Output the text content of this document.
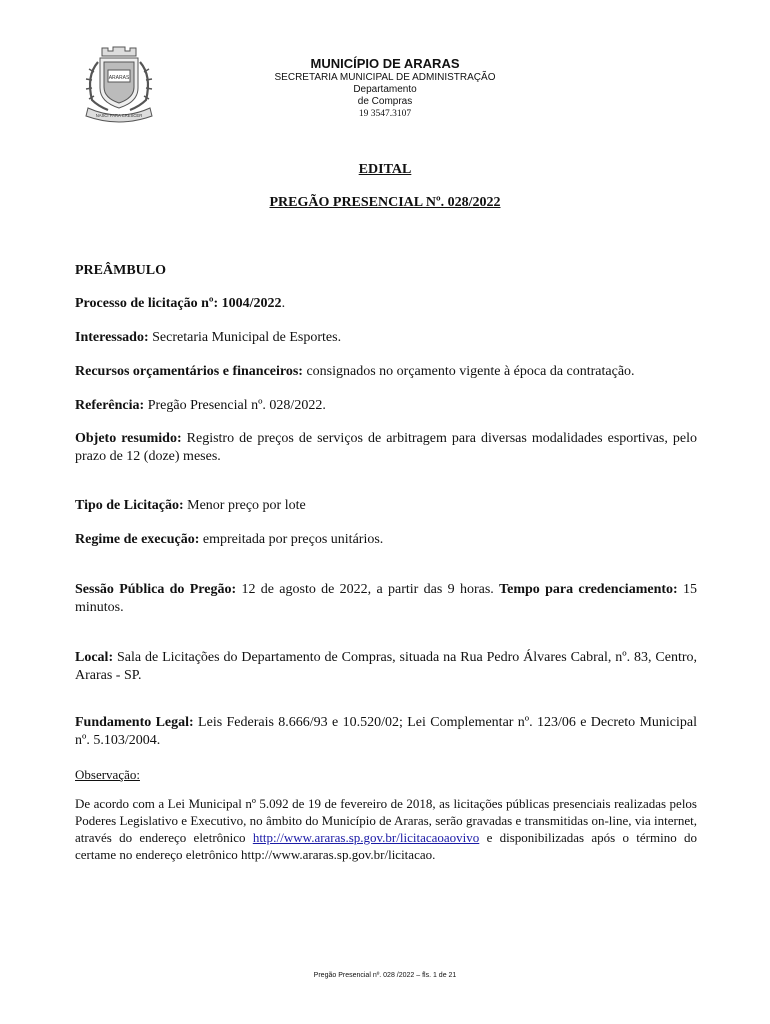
ARARAS
NASCI PARA CRESCER
MUNICÍPIO DE ARARAS
SECRETARIA MUNICIPAL DE ADMINISTRAÇÃO
Departamento
de Compras
19 3547.3107
EDITAL
PREGÃO PRESENCIAL Nº. 028/2022
PREÂMBULO
Processo de licitação nº: 1004/2022.
Interessado: Secretaria Municipal de Esportes.
Recursos orçamentários e financeiros: consignados no orçamento vigente à época da contratação.
Referência: Pregão Presencial nº. 028/2022.
Objeto resumido: Registro de preços de serviços de arbitragem para diversas modalidades esportivas, pelo prazo de 12 (doze) meses.
Tipo de Licitação: Menor preço por lote
Regime de execução: empreitada por preços unitários.
Sessão Pública do Pregão: 12 de agosto de 2022, a partir das 9 horas. Tempo para credenciamento: 15 minutos.
Local: Sala de Licitações do Departamento de Compras, situada na Rua Pedro Álvares Cabral, nº. 83, Centro, Araras - SP.
Fundamento Legal: Leis Federais 8.666/93 e 10.520/02; Lei Complementar nº. 123/06 e Decreto Municipal nº. 5.103/2004.
Observação:
De acordo com a Lei Municipal nº 5.092 de 19 de fevereiro de 2018, as licitações públicas presenciais realizadas pelos Poderes Legislativo e Executivo, no âmbito do Município de Araras, serão gravadas e transmitidas on-line, via internet, através do endereço eletrônico http://www.araras.sp.gov.br/licitacaoaovivo e disponibilizadas após o término do certame no endereço eletrônico http://www.araras.sp.gov.br/licitacao.
Pregão Presencial nº. 028 /2022 – fls. 1 de 21
